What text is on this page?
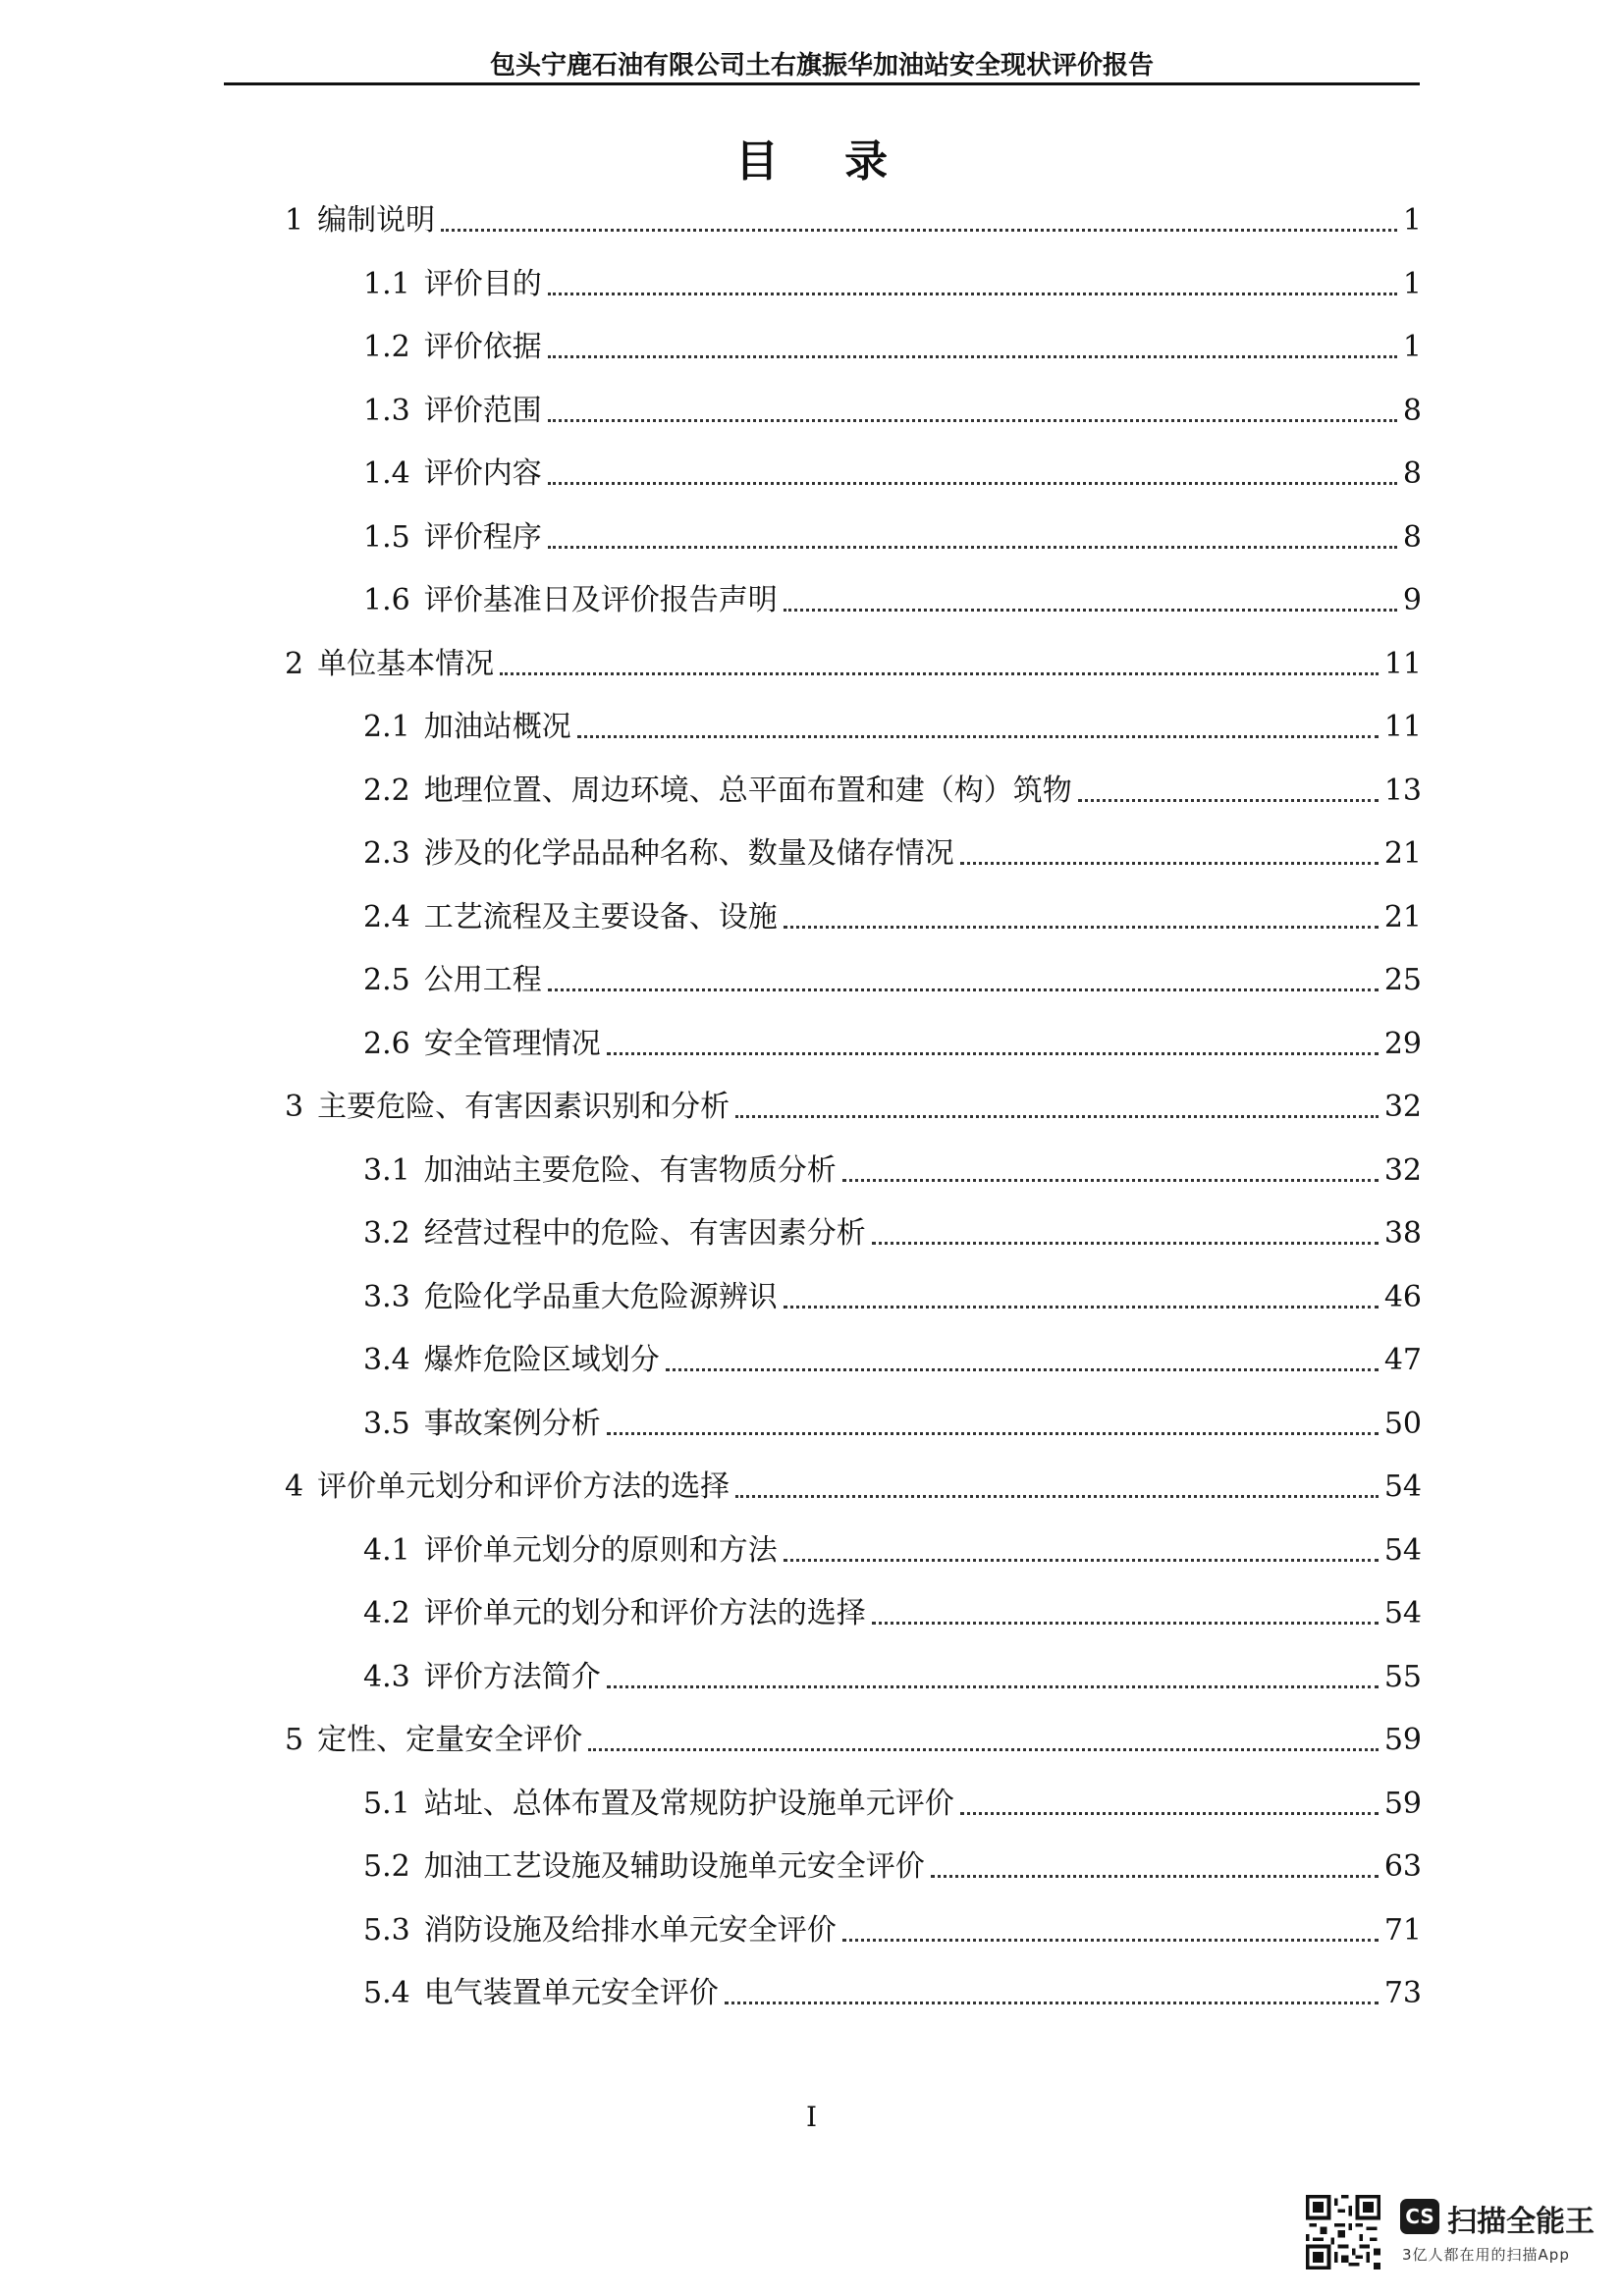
包头宁鹿石油有限公司土右旗振华加油站安全现状评价报告
目 录
1 编制说明	1
1.1 评价目的	1
1.2 评价依据	1
1.3 评价范围	8
1.4 评价内容	8
1.5 评价程序	8
1.6 评价基准日及评价报告声明	9
2 单位基本情况	11
2.1 加油站概况	11
2.2 地理位置、周边环境、总平面布置和建（构）筑物	13
2.3 涉及的化学品品种名称、数量及储存情况	21
2.4 工艺流程及主要设备、设施	21
2.5 公用工程	25
2.6 安全管理情况	29
3 主要危险、有害因素识别和分析	32
3.1 加油站主要危险、有害物质分析	32
3.2 经营过程中的危险、有害因素分析	38
3.3 危险化学品重大危险源辨识	46
3.4 爆炸危险区域划分	47
3.5 事故案例分析	50
4 评价单元划分和评价方法的选择	54
4.1 评价单元划分的原则和方法	54
4.2 评价单元的划分和评价方法的选择	54
4.3 评价方法简介	55
5 定性、定量安全评价	59
5.1 站址、总体布置及常规防护设施单元评价	59
5.2 加油工艺设施及辅助设施单元安全评价	63
5.3 消防设施及给排水单元安全评价	71
5.4 电气装置单元安全评价	73
I
CS 扫描全能王
3亿人都在用的扫描App
